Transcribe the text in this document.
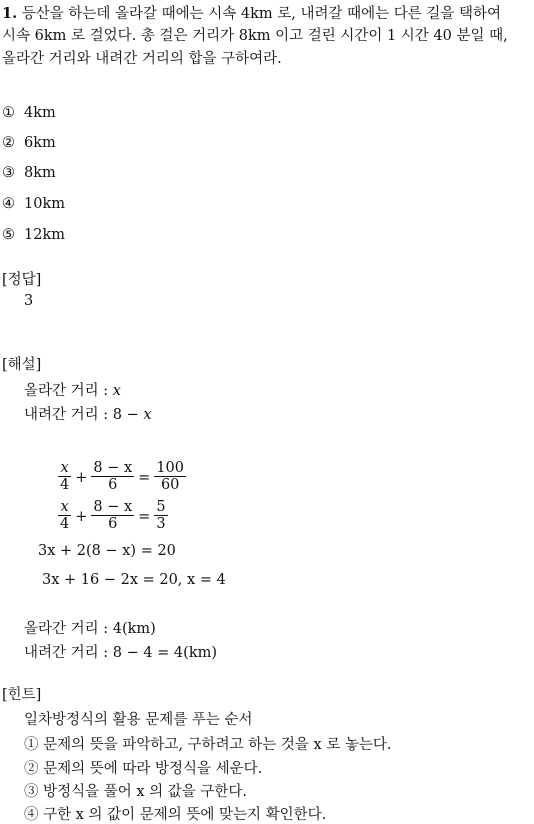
1. 등산을 하는데 올라갈 때에는 시속 4km 로, 내려갈 때에는 다른 길을 택하여
시속 6km 로 걸었다. 총 걸은 거리가 8km 이고 걸린 시간이 1 시간 40 분일 때,
올라간 거리와 내려간 거리의 합을 구하여라.
① 4km
② 6km
③ 8km
④ 10km
⑤ 12km
[정답]
3
[해설]
올라간 거리 : x
내려간 거리 : 8 − x
$\frac{x}{4} + \frac{8 - x}{6} = \frac{100}{60}$
$\frac{x}{4} + \frac{8 - x}{6} = \frac{5}{3}$
3x + 2(8 − x) = 20
3x + 16 − 2x = 20, x = 4
올라간 거리 : 4(km)
내려간 거리 : 8 − 4 = 4(km)
[힌트]
일차방정식의 활용 문제를 푸는 순서
① 문제의 뜻을 파악하고, 구하려고 하는 것을 x 로 놓는다.
② 문제의 뜻에 따라 방정식을 세운다.
③ 방정식을 풀어 x 의 값을 구한다.
④ 구한 x 의 값이 문제의 뜻에 맞는지 확인한다.
